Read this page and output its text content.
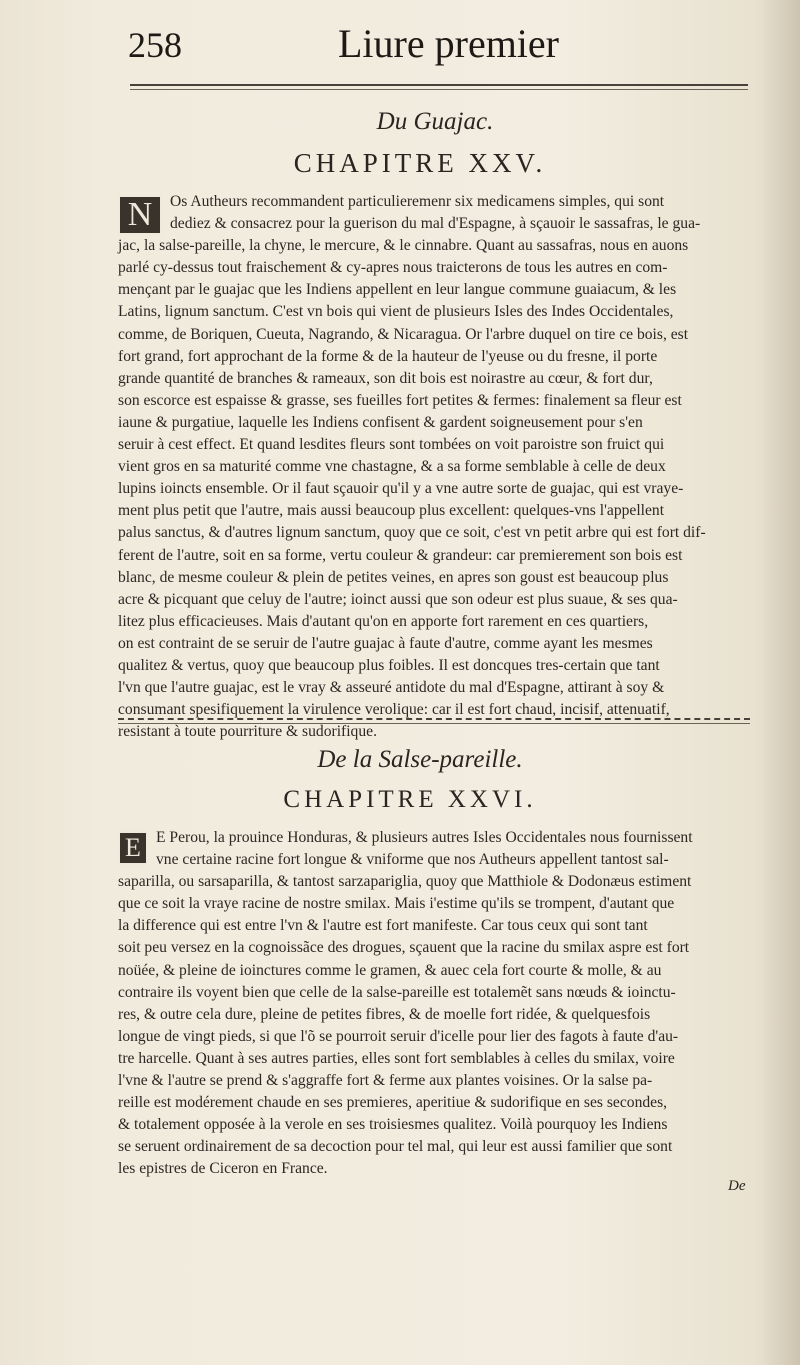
258	Liure premier
Du Guajac.
CHAPITRE XXV.
N	Os Autheurs recommandent particulieremenr six medicamens simples, qui sont
dediez & consacrez pour la guerison du mal d'Espagne, à sçauoir le sassafras, le gua-
jac, la salse-pareille, la chyne, le mercure, & le cinnabre. Quant au sassafras, nous en auons
parlé cy-dessus tout fraischement & cy-apres nous traicterons de tous les autres en com-
mençant par le guajac que les Indiens appellent en leur langue commune guaiacum, & les
Latins, lignum sanctum. C'est vn bois qui vient de plusieurs Isles des Indes Occidentales,
comme, de Boriquen, Cueuta, Nagrando, & Nicaragua. Or l'arbre duquel on tire ce bois, est
fort grand, fort approchant de la forme & de la hauteur de l'yeuse ou du fresne, il porte
grande quantité de branches & rameaux, son dit bois est noirastre au cœur, & fort dur,
son escorce est espaisse & grasse, ses fueilles fort petites & fermes: finalement sa fleur est
iaune & purgatiue, laquelle les Indiens confisent & gardent soigneusement pour s'en
seruir à cest effect. Et quand lesdites fleurs sont tombées on voit paroistre son fruict qui
vient gros en sa maturité comme vne chastagne, & a sa forme semblable à celle de deux
lupins ioincts ensemble. Or il faut sçauoir qu'il y a vne autre sorte de guajac, qui est vraye-
ment plus petit que l'autre, mais aussi beaucoup plus excellent: quelques-vns l'appellent
palus sanctus, & d'autres lignum sanctum, quoy que ce soit, c'est vn petit arbre qui est fort dif-
ferent de l'autre, soit en sa forme, vertu couleur & grandeur: car premierement son bois est
blanc, de mesme couleur & plein de petites veines, en apres son goust est beaucoup plus
acre & picquant que celuy de l'autre; ioinct aussi que son odeur est plus suaue, & ses qua-
litez plus efficacieuses. Mais d'autant qu'on en apporte fort rarement en ces quartiers,
on est contraint de se seruir de l'autre guajac à faute d'autre, comme ayant les mesmes
qualitez & vertus, quoy que beaucoup plus foibles. Il est doncques tres-certain que tant
l'vn que l'autre guajac, est le vray & asseuré antidote du mal d'Espagne, attirant à soy &
consumant spesifiquement la virulence verolique: car il est fort chaud, incisif, attenuatif,
resistant à toute pourriture & sudorifique.
De la Salse-pareille.
CHAPITRE XXVI.
E E Perou, la prouince Honduras, & plusieurs autres Isles Occidentales nous fournissent
vne certaine racine fort longue & vniforme que nos Autheurs appellent tantost sal-
saparilla, ou sarsaparilla, & tantost sarzapariglia, quoy que Matthiole & Dodonæus estiment
que ce soit la vraye racine de nostre smilax. Mais i'estime qu'ils se trompent, d'autant que
la difference qui est entre l'vn & l'autre est fort manifeste. Car tous ceux qui sont tant
soit peu versez en la cognoissãce des drogues, sçauent que la racine du smilax aspre est fort
noüée, & pleine de ioinctures comme le gramen, & auec cela fort courte & molle, & au
contraire ils voyent bien que celle de la salse-pareille est totalemẽt sans nœuds & ioinctu-
res, & outre cela dure, pleine de petites fibres, & de moelle fort ridée, & quelquesfois
longue de vingt pieds, si que l'õ se pourroit seruir d'icelle pour lier des fagots à faute d'au-
tre harcelle. Quant à ses autres parties, elles sont fort semblables à celles du smilax, voire
l'vne & l'autre se prend & s'aggraffe fort & ferme aux plantes voisines. Or la salse pa-
reille est modérement chaude en ses premieres, aperitiue & sudorifique en ses secondes,
& totalement opposée à la verole en ses troisiesmes qualitez. Voilà pourquoy les Indiens
se seruent ordinairement de sa decoction pour tel mal, qui leur est aussi familier que sont
les epistres de Ciceron en France.
De
